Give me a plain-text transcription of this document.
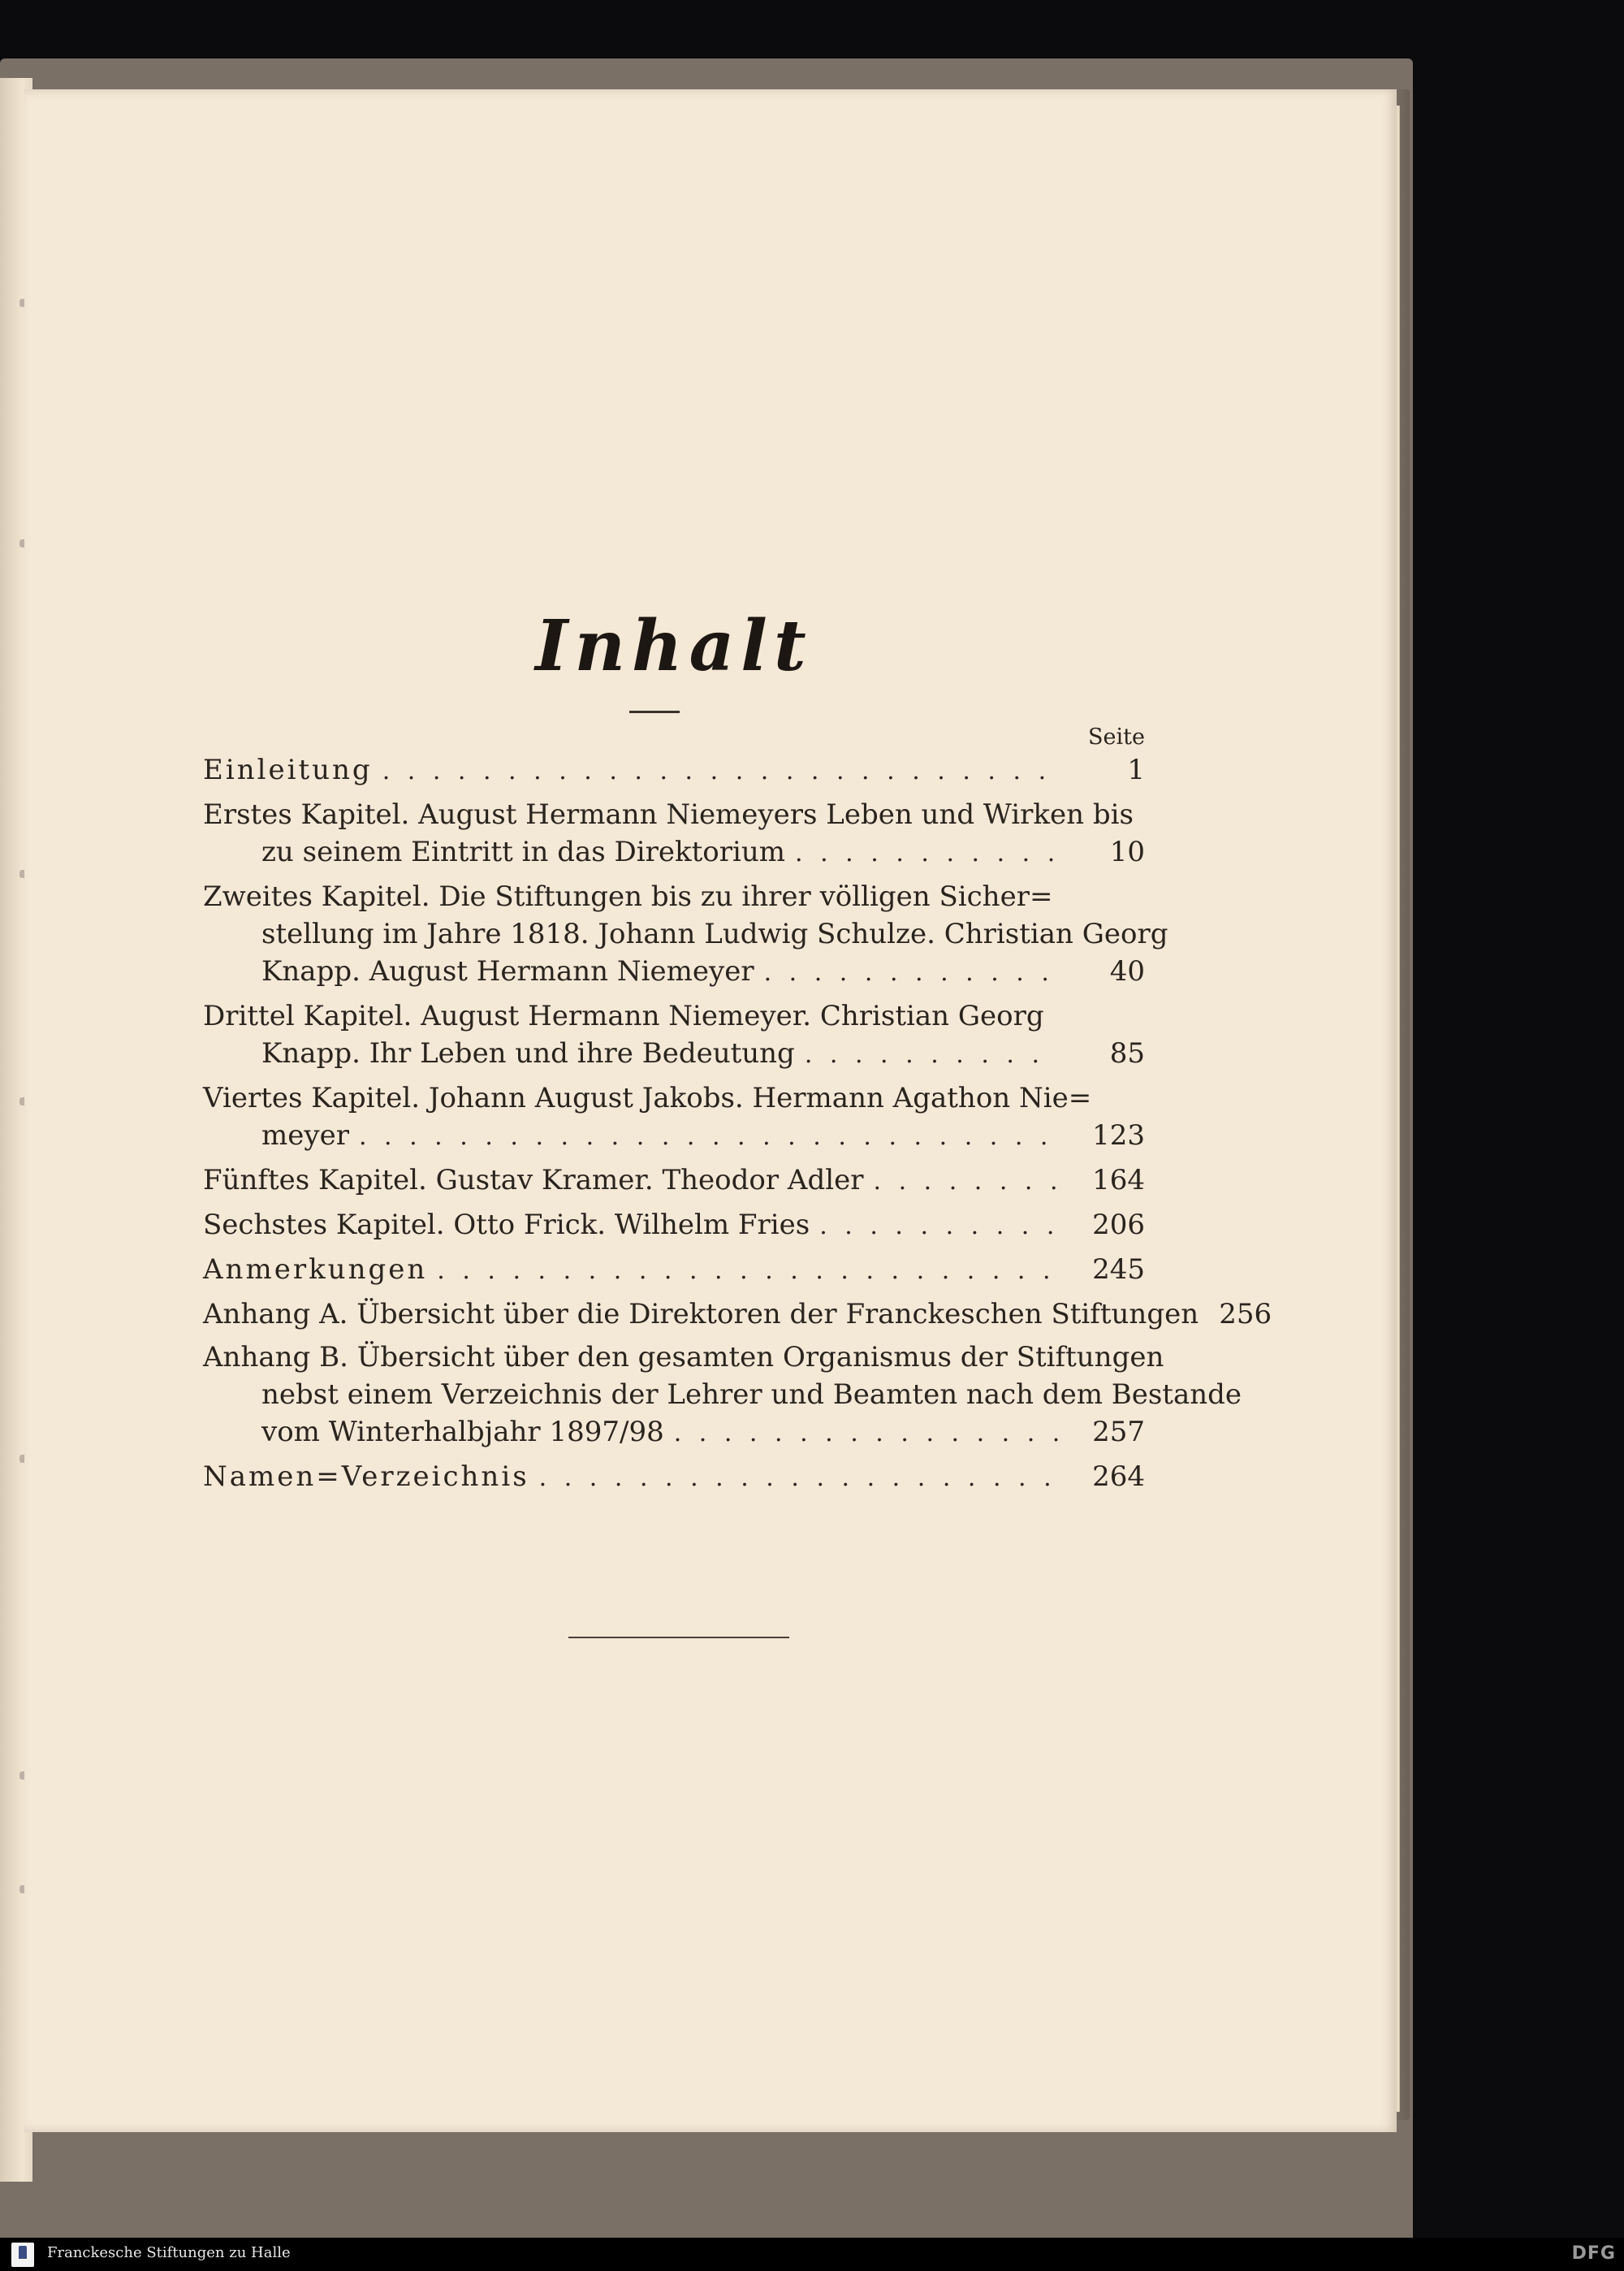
Inhalt
Seite
Einleitung . . .	1
Erstes Kapitel. August Hermann Niemeyers Leben und Wirken bis
zu seinem Eintritt in das Direktorium . . .	10
Zweites Kapitel. Die Stiftungen bis zu ihrer völligen Sicher=
stellung im Jahre 1818. Johann Ludwig Schulze. Christian Georg
Knapp. August Hermann Niemeyer . . .	40
Drittel Kapitel. August Hermann Niemeyer. Christian Georg
Knapp. Ihr Leben und ihre Bedeutung . . .	85
Viertes Kapitel. Johann August Jakobs. Hermann Agathon Nie=
meyer . . .	123
Fünftes Kapitel. Gustav Kramer. Theodor Adler . . .	164
Sechstes Kapitel. Otto Frick. Wilhelm Fries . . .	206
Anmerkungen . . .	245
Anhang A. Übersicht über die Direktoren der Franckeschen Stiftungen 256
Anhang B. Übersicht über den gesamten Organismus der Stiftungen
nebst einem Verzeichnis der Lehrer und Beamten nach dem Bestande
vom Winterhalbjahr 1897/98 . . .	257
Namen=Verzeichnis . . .	264
Franckesche Stiftungen zu Halle	DFG
